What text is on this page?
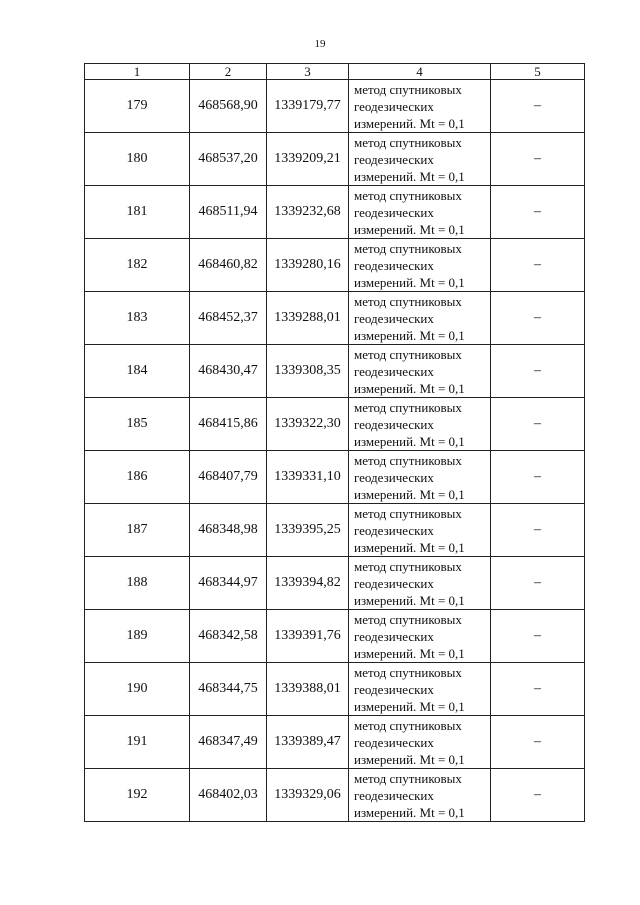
19
1	2	3	4	5
179	468568,90	1339179,77	метод спутниковых
геодезических
измерений. Mt = 0,1	–
180	468537,20	1339209,21	метод спутниковых
геодезических
измерений. Mt = 0,1	–
181	468511,94	1339232,68	метод спутниковых
геодезических
измерений. Mt = 0,1	–
182	468460,82	1339280,16	метод спутниковых
геодезических
измерений. Mt = 0,1	–
183	468452,37	1339288,01	метод спутниковых
геодезических
измерений. Mt = 0,1	–
184	468430,47	1339308,35	метод спутниковых
геодезических
измерений. Mt = 0,1	–
185	468415,86	1339322,30	метод спутниковых
геодезических
измерений. Mt = 0,1	–
186	468407,79	1339331,10	метод спутниковых
геодезических
измерений. Mt = 0,1	–
187	468348,98	1339395,25	метод спутниковых
геодезических
измерений. Mt = 0,1	–
188	468344,97	1339394,82	метод спутниковых
геодезических
измерений. Mt = 0,1	–
189	468342,58	1339391,76	метод спутниковых
геодезических
измерений. Mt = 0,1	–
190	468344,75	1339388,01	метод спутниковых
геодезических
измерений. Mt = 0,1	–
191	468347,49	1339389,47	метод спутниковых
геодезических
измерений. Mt = 0,1	–
192	468402,03	1339329,06	метод спутниковых
геодезических
измерений. Mt = 0,1	–
